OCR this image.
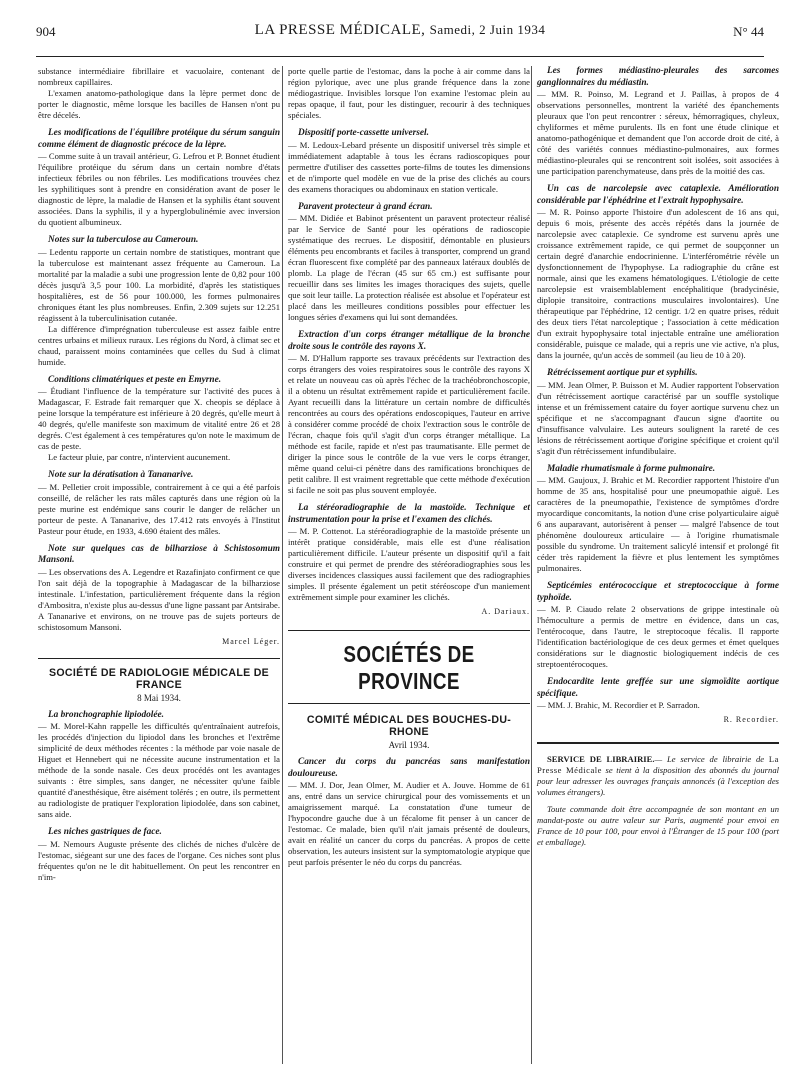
904	LA PRESSE MÉDICALE, Samedi, 2 Juin 1934	N° 44

substance intermédiaire fibrillaire et vacuolaire, contenant de nombreux capillaires.

L'examen anatomo-pathologique dans la lèpre permet donc de porter le diagnostic, même lorsque les bacilles de Hansen n'ont pu être décelés.

Les modifications de l'équilibre protéique du sérum sanguin comme élément de diagnostic précoce de la lèpre.

— Comme suite à un travail antérieur, G. Lefrou et P. Bonnet étudient l'équilibre protéique du sérum dans un certain nombre d'états infectieux fébriles ou non fébriles. Les modifications trouvées chez les syphilitiques sont à prendre en considération avant de poser le diagnostic de lèpre, la maladie de Hansen et la syphilis étant souvent associées. Dans la syphilis, il y a hyperglobulinémie avec inversion du quotient albumineux.

Notes sur la tuberculose au Cameroun.

— Ledentu rapporte un certain nombre de statistiques, montrant que la tuberculose est maintenant assez fréquente au Cameroun. La mortalité par la maladie a subi une progression lente de 0,82 pour 100 décès jusqu'à 3,5 pour 100. La morbidité, d'après les statistiques hospitalières, est de 56 pour 100.000, les formes pulmonaires chroniques étant les plus nombreuses. Enfin, 2.309 sujets sur 12.251 réagissent à la tuberculinisation cutanée.

La différence d'imprégnation tuberculeuse est assez faible entre centres urbains et milieux ruraux. Les régions du Nord, à climat sec et chaud, paraissent moins contaminées que celles du Sud à climat humide.

Conditions climatériques et peste en Emyrne.

— Étudiant l'influence de la température sur l'activité des puces à Madagascar, F. Estrade fait remarquer que X. cheopis se déplace à peine lorsque la température est inférieure à 20 degrés, qu'elle meurt à 40 degrés, qu'elle manifeste son maximum de vitalité entre 26 et 28 degrés. C'est également à ces températures qu'on note le maximum de cas de peste.

Le facteur pluie, par contre, n'intervient aucunement.

Note sur la dératisation à Tananarive.

— M. Pelletier croit impossible, contrairement à ce qui a été parfois conseillé, de relâcher les rats mâles capturés dans une région où la peste murine est endémique sans courir le danger de relâcher un porteur de peste. A Tananarive, des 17.412 rats envoyés à l'Institut Pasteur pour étude, en 1933, 4.690 étaient des mâles.

Note sur quelques cas de bilharziose à Schistosomum Mansoni.

— Les observations des A. Legendre et Razafinjato confirment ce que l'on sait déjà de la topographie à Madagascar de la bilharziose intestinale. L'infestation, particulièrement fréquente dans la région d'Ambositra, n'existe plus au-dessus d'une ligne passant par Antsirabe. A Tananarive et environs, on ne trouve pas de sujets porteurs de schistosomum Mansoni.

Marcel Léger.
SOCIÉTÉ DE RADIOLOGIE MÉDICALE DE FRANCE
8 Mai 1934.

La bronchographie lipiodolée.

— M. Morel-Kahn rappelle les difficultés qu'entraînaient autrefois, les procédés d'injection du lipiodol dans les bronches et l'extrême simplicité de deux méthodes récentes : la méthode par voie nasale de Higuet et Hennebert qui ne nécessite aucune instrumentation et la méthode de la sonde nasale. Ces deux procédés ont les avantages suivants : être simples, sans danger, ne nécessiter qu'une faible quantité d'anesthésique, être aisément tolérés ; en outre, ils permettent au radiologiste de pratiquer l'exploration lipiodolée, dans son cabinet, sans aide.

Les niches gastriques de face.

— M. Nemours Auguste présente des clichés de niches d'ulcère de l'estomac, siégeant sur une des faces de l'organe. Ces niches sont plus fréquentes qu'on ne le dit habituellement. On peut les rencontrer en n'im-

porte quelle partie de l'estomac, dans la poche à air comme dans la région pylorique, avec une plus grande fréquence dans la zone médiogastrique. Invisibles lorsque l'on examine l'estomac plein au repas opaque, il faut, pour les distinguer, recourir à des techniques spéciales.

Dispositif porte-cassette universel.

— M. Ledoux-Lebard présente un dispositif universel très simple et immédiatement adaptable à tous les écrans radioscopiques pour permettre d'utiliser des cassettes porte-films de toutes les dimensions et de n'importe quel modèle en vue de la prise des clichés au cours des examens thoraciques ou abdominaux en station verticale.

Paravent protecteur à grand écran.

— MM. Didiée et Babinot présentent un paravent protecteur réalisé par le Service de Santé pour les opérations de radioscopie systématique des recrues. Le dispositif, démontable en plusieurs éléments peu encombrants et faciles à transporter, comprend un grand écran fluorescent fixe complété par des panneaux latéraux doublés de plomb. La plage de l'écran (45 sur 65 cm.) est suffisante pour recueillir dans ses limites les images thoraciques des sujets, quelle que soit leur taille. La protection réalisée est absolue et l'opérateur est placé dans les meilleures conditions possibles pour effectuer les longues séries d'examens qui lui sont demandées.

Extraction d'un corps étranger métallique de la bronche droite sous le contrôle des rayons X.

— M. D'Hallum rapporte ses travaux précédents sur l'extraction des corps étrangers des voies respiratoires sous le contrôle des rayons X et relate un nouveau cas où après l'échec de la trachéobronchoscopie, il a obtenu un résultat extrêmement rapide et particulièrement facile. Ayant recueilli dans la littérature un certain nombre de difficultés rencontrées au cours des opérations endoscopiques, l'auteur en arrive à considérer comme procédé de choix l'extraction sous le contrôle de l'écran, chaque fois qu'il s'agit d'un corps étranger métallique. La méthode est facile, rapide et n'est pas traumatisante. Elle permet de diriger la pince sous le contrôle de la vue vers le corps étranger, même quand celui-ci pénètre dans des ramifications bronchiques de petit calibre. Il est vraiment regrettable que cette méthode d'exécution si facile ne soit pas plus souvent employée.

La stéréoradiographie de la mastoïde. Technique et instrumentation pour la prise et l'examen des clichés.

— M. P. Cottenot. La stéréoradiographie de la mastoïde présente un intérêt pratique considérable, mais elle est d'une réalisation particulièrement difficile. L'auteur présente un dispositif qu'il a fait construire et qui permet de prendre des stéréoradiographies sous les diverses incidences classiques aussi facilement que des radiographies simples. Il présente également un petit stéréoscope d'un maniement extrêmement simple pour examiner les clichés.

A. Dariaux.
SOCIÉTÉS DE PROVINCE
COMITÉ MÉDICAL DES BOUCHES-DU-RHONE
Avril 1934.

Cancer du corps du pancréas sans manifestation douloureuse.

— MM. J. Dor, Jean Olmer, M. Audier et A. Jouve. Homme de 61 ans, entré dans un service chirurgical pour des vomissements et un amaigrissement marqué. La constatation d'une tumeur de l'hypocondre gauche due à un fécalome fit penser à un cancer de l'estomac. Ce malade, bien qu'il n'ait jamais présenté de douleurs, avait en réalité un cancer du corps du pancréas. A propos de cette observation, les auteurs insistent sur la symptomatologie atypique que peut parfois présenter le néo du corps du pancréas.

Les formes médiastino-pleurales des sarcomes ganglionnaires du médiastin.

— MM. R. Poinso, M. Legrand et J. Paillas, à propos de 4 observations personnelles, montrent la variété des épanchements pleuraux que l'on peut rencontrer : séreux, hémorragiques, chyleux, chyliformes et même purulents. Ils en font une étude clinique et anatomo-pathogénique et demandent que l'on accorde droit de cité, à côté des variétés connues médiastino-pulmonaires, aux formes médiastino-pleurales qui se rencontrent soit isolées, soit associées à une participation parenchymateuse, dans près de la moitié des cas.

Un cas de narcolepsie avec cataplexie. Amélioration considérable par l'éphédrine et l'extrait hypophysaire.

— M. R. Poinso apporte l'histoire d'un adolescent de 16 ans qui, depuis 6 mois, présente des accès répétés dans la journée de narcolepsie avec cataplexie. Ce syndrome est survenu après une croissance extrêmement rapide, ce qui permet de soupçonner un certain degré d'anarchie endocrinienne. L'interférométrie révèle un dysfonctionnement de l'hypophyse. La radiographie du crâne est normale, ainsi que les examens hématologiques. L'étiologie de cette narcolepsie est vraisemblablement encéphalitique (bradycinésie, diplopie transitoire, contractions musculaires involontaires). Une thérapeutique par l'éphédrine, 12 centigr. 1/2 en quatre prises, réduit des deux tiers l'état narcoleptique ; l'association à cette médication d'un extrait hypophysaire total injectable entraîne une amélioration considérable, puisque ce malade, qui a repris une vie active, n'a plus, dans la journée, qu'un accès de sommeil (au lieu de 10 à 20).

Rétrécissement aortique pur et syphilis.

— MM. Jean Olmer, P. Buisson et M. Audier rapportent l'observation d'un rétrécissement aortique caractérisé par un souffle systolique intense et un frémissement cataire du foyer aortique survenu chez un spécifique et ne s'accompagnant d'aucun signe d'aortite ou d'insuffisance valvulaire. Les auteurs soulignent la rareté de ces lésions de rétrécissement aortique d'origine spécifique et croient qu'il s'agit d'un rétrécissement infundibulaire.

Maladie rhumatismale à forme pulmonaire.

— MM. Gaujoux, J. Brahic et M. Recordier rapportent l'histoire d'un homme de 35 ans, hospitalisé pour une pneumopathie aiguë. Les caractères de la pneumopathie, l'existence de symptômes d'ordre myocardique concomitants, la notion d'une crise polyarticulaire aiguë 6 ans auparavant, autorisèrent à penser — malgré l'absence de tout phénomène douloureux articulaire — à l'origine rhumatismale possible du syndrome. Un traitement salicylé intensif et prolongé fit céder très rapidement la fièvre et plus lentement les symptômes pulmonaires.

Septicémies entérococcique et streptococcique à forme typhoïde.

— M. P. Ciaudo relate 2 observations de grippe intestinale où l'hémoculture a permis de mettre en évidence, dans un cas, l'entérocoque, dans l'autre, le streptocoque fécalis. Il rapporte l'identification bactériologique de ces deux germes et émet quelques considérations sur le diagnostic biologiquement indécis de ces streptoentérocoques.

Endocardite lente greffée sur une sigmoïdite aortique spécifique.

— MM. J. Brahic, M. Recordier et P. Sarradon.

R. Recordier.

SERVICE DE LIBRAIRIE.— Le service de librairie de La Presse Médicale se tient à la disposition des abonnés du journal pour leur adresser les ouvrages français annoncés (à l'exception des volumes étrangers).

Toute commande doit être accompagnée de son montant en un mandat-poste ou autre valeur sur Paris, augmenté pour envoi en France de 10 pour 100, pour envoi à l'Étranger de 15 pour 100 (port et emballage).
